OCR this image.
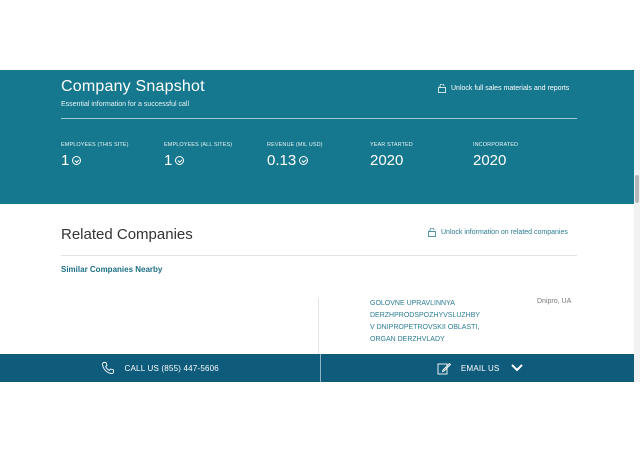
Company Snapshot
Essential information for a successful call
Unlock full sales materials and reports
EMPLOYEES (THIS SITE)
1
EMPLOYEES (ALL SITES)
1
REVENUE (MIL USD)
0.13
YEAR STARTED
2020
INCORPORATED
2020
Related Companies	Unlock information on related companies
Similar Companies Nearby
GOLOVNE UPRAVLINNYA
DERZHPRODSPOZHYVSLUZHBY
V DNIPROPETROVSKII OBLASTI,
ORGAN DERZHVLADY
Dnipro, UA
CALL US (855) 447-5606	EMAIL US
